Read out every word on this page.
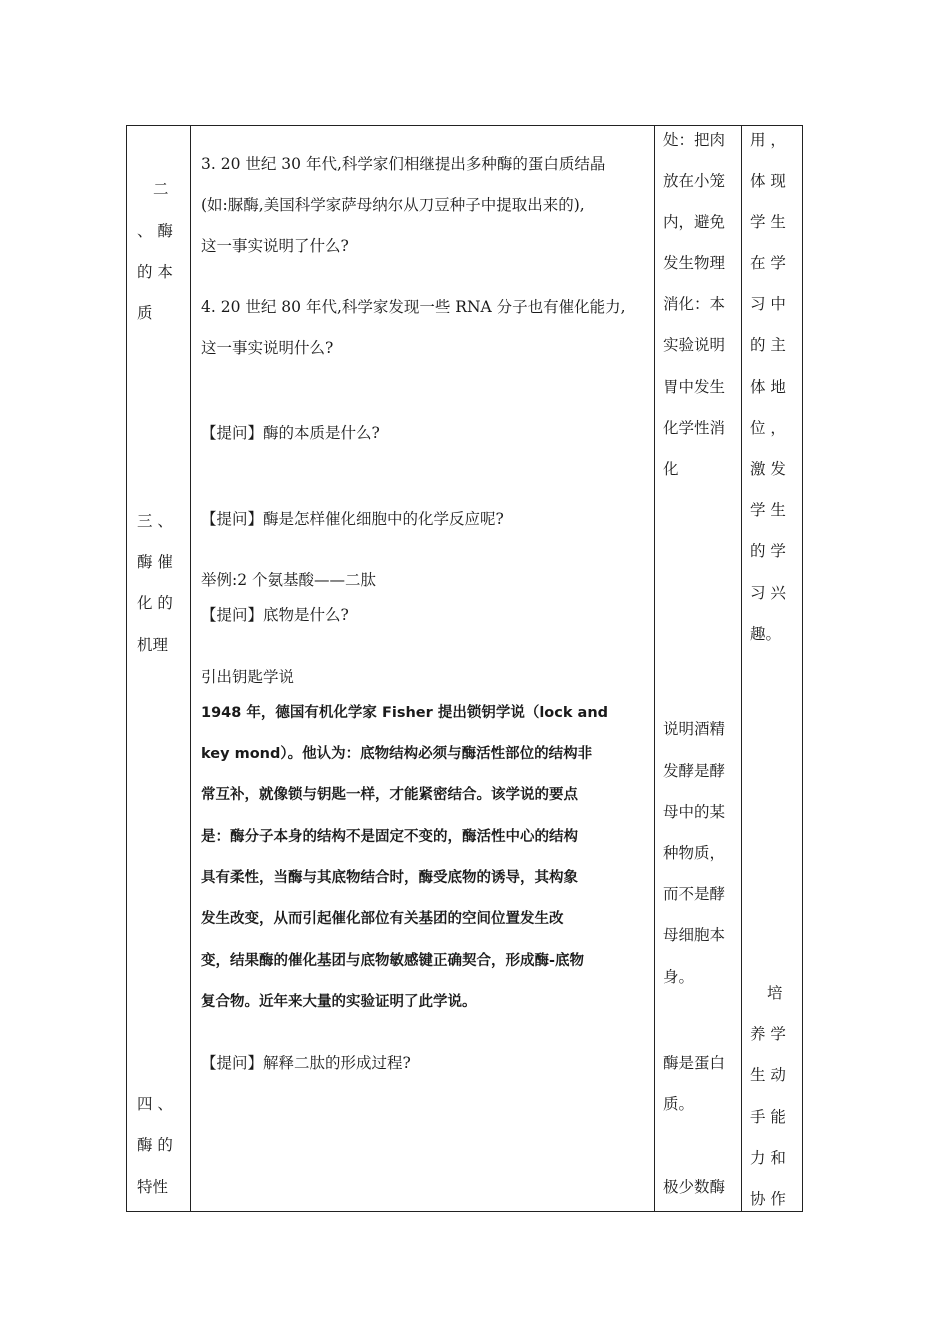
二
、 酶
的 本
质
三 、
酶 催
化 的
机理
四 、
酶 的
特性
3. 20 世纪 30 年代,科学家们相继提出多种酶的蛋白质结晶
(如:脲酶,美国科学家萨母纳尔从刀豆种子中提取出来的),
这一事实说明了什么?
4. 20 世纪 80 年代,科学家发现一些 RNA 分子也有催化能力,
这一事实说明什么?
【提问】酶的本质是什么?
【提问】酶是怎样催化细胞中的化学反应呢?
举例:2 个氨基酸——二肽
【提问】底物是什么?
引出钥匙学说
1948 年，德国有机化学家 Fisher 提出锁钥学说（lock and
key mond）。他认为：底物结构必须与酶活性部位的结构非
常互补，就像锁与钥匙一样，才能紧密结合。该学说的要点
是：酶分子本身的结构不是固定不变的，酶活性中心的结构
具有柔性，当酶与其底物结合时，酶受底物的诱导，其构象
发生改变，从而引起催化部位有关基团的空间位置发生改
变，结果酶的催化基团与底物敏感键正确契合，形成酶-底物
复合物。近年来大量的实验证明了此学说。
【提问】解释二肽的形成过程?
处：把肉
放在小笼
内，避免
发生物理
消化：本
实验说明
胃中发生
化学性消
化
说明酒精
发酵是酵
母中的某
种物质，
而不是酵
母细胞本
身。
酶是蛋白
质。
极少数酶
用 ，
体 现
学 生
在 学
习 中
的 主
体 地
位 ，
激 发
学 生
的 学
习 兴
趣。
培
养 学
生 动
手 能
力 和
协 作
